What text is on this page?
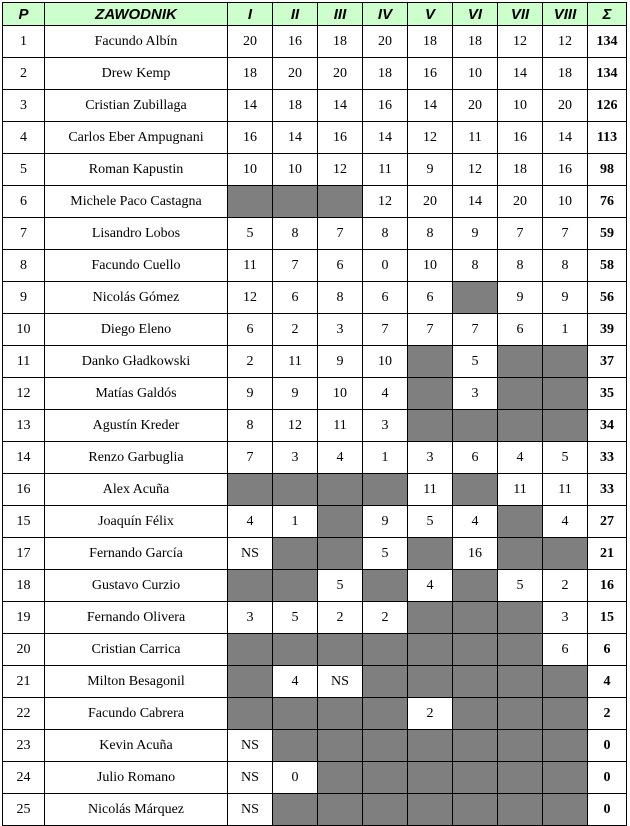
P	ZAWODNIK	I	II	III	IV	V	VI	VII	VIII	Σ
1	Facundo Albín	20	16	18	20	18	18	12	12	134
2	Drew Kemp	18	20	20	18	16	10	14	18	134
3	Cristian Zubillaga	14	18	14	16	14	20	10	20	126
4	Carlos Eber Ampugnani	16	14	16	14	12	11	16	14	113
5	Roman Kapustin	10	10	12	11	9	12	18	16	98
6	Michele Paco Castagna				12	20	14	20	10	76
7	Lisandro Lobos	5	8	7	8	8	9	7	7	59
8	Facundo Cuello	11	7	6	0	10	8	8	8	58
9	Nicolás Gómez	12	6	8	6	6		9	9	56
10	Diego Eleno	6	2	3	7	7	7	6	1	39
11	Danko Gładkowski	2	11	9	10		5			37
12	Matías Galdós	9	9	10	4		3			35
13	Agustín Kreder	8	12	11	3					34
14	Renzo Garbuglia	7	3	4	1	3	6	4	5	33
16	Alex Acuña					11		11	11	33
15	Joaquín Félix	4	1		9	5	4		4	27
17	Fernando García	NS			5		16			21
18	Gustavo Curzio			5		4		5	2	16
19	Fernando Olivera	3	5	2	2				3	15
20	Cristian Carrica								6	6
21	Milton Besagonil		4	NS						4
22	Facundo Cabrera					2				2
23	Kevin Acuña	NS								0
24	Julio Romano	NS	0							0
25	Nicolás Márquez	NS								0
